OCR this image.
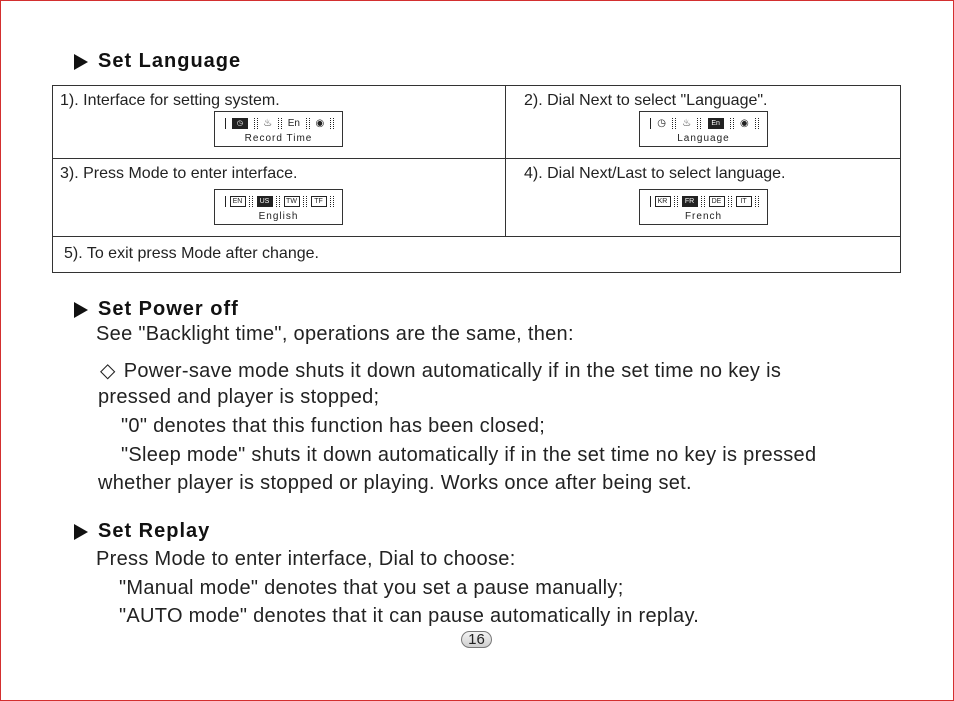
Set Language
1). Interface for setting system.
◷	♨ En ◉
Record Time
2). Dial Next to select "Language".
◷ ♨	En	◉
Language
3). Press Mode to enter interface.
EN	US	TW	TF
English
4). Dial Next/Last to select language.
KR	FR	DE	IT
French
5). To exit press Mode after change.
Set Power off
See "Backlight time", operations are the same, then:
◇ Power-save mode shuts it down automatically if in the set time no key is
pressed and player is stopped;
"0" denotes that this function has been closed;
"Sleep mode" shuts it down automatically if in the set time no key is pressed
whether player is stopped or playing. Works once after being set.
Set Replay
Press Mode to enter interface, Dial to choose:
"Manual mode" denotes that you set a pause manually;
"AUTO mode" denotes that it can pause automatically in replay.
16
